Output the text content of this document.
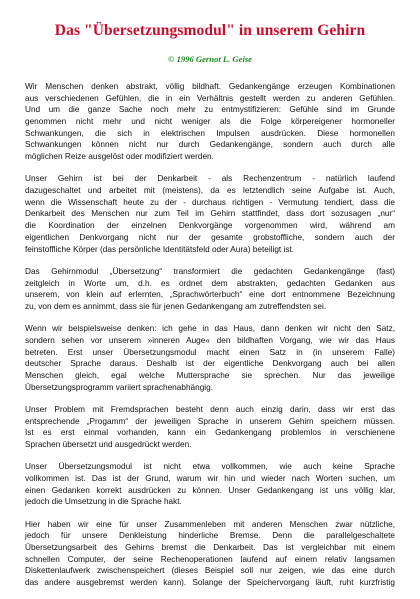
Das "Übersetzungsmodul" in unserem Gehirn
© 1996 Gernot L. Geise
Wir Menschen denken abstrakt, völlig bildhaft. Gedankengänge erzeugen Kombinationen
aus verschiedenen Gefühlen, die in ein Verhältnis gestellt werden zu anderen Gefühlen.
Und um die ganze Sache noch mehr zu entmystifizieren: Gefühle sind im Grunde
genommen nicht mehr und nicht weniger als die Folge körpereigener hormoneller
Schwankungen, die sich in elektrischen Impulsen ausdrücken. Diese hormonellen
Schwankungen können nicht nur durch Gedankengänge, sondern auch durch alle
möglichen Reize ausgelöst oder modifiziert werden.
Unser Gehirn ist bei der Denkarbeit - als Rechenzentrum - natürlich laufend
dazugeschaltet und arbeitet mit (meistens), da es letztendlich seine Aufgabe ist. Auch,
wenn die Wissenschaft heute zu der - durchaus richtigen - Vermutung tendiert, dass die
Denkarbeit des Menschen nur zum Teil im Gehirn stattfindet, dass dort sozusagen „nur“
die Koordination der einzelnen Denkvorgänge vorgenommen wird, während am
eigentlichen Denkvorgang nicht nur der gesamte grobstoffliche, sondern auch der
feinstoffliche Körper (das persönliche Identitätsfeld oder Aura) beteiligt ist.
Das Gehirnmodul „Übersetzung“ transformiert die gedachten Gedankengänge (fast)
zeitgleich in Worte um, d.h. es ordnet dem abstrakten, gedachten Gedanken aus
unserem, von klein auf erlernten, „Sprachwörterbuch“ eine dort entnommene Bezeichnung
zu, von dem es annimmt, dass sie für jenen Gedankengang am zutreffendsten sei.
Wenn wir beispielsweise denken: ich gehe in das Haus, dann denken wir nicht den Satz,
sondern sehen vor unserem »inneren Auge« den bildhaften Vorgang, wie wir das Haus
betreten. Erst unser Übersetzungsmodul macht einen Satz in (in unserem Falle)
deutscher Sprache daraus. Deshalb ist der eigentliche Denkvorgang auch bei allen
Menschen gleich, egal welche Muttersprache sie sprechen. Nur das jeweilige
Übersetzungsprogramm variiert sprachenabhängig.
Unser Problem mit Fremdsprachen besteht denn auch einzig darin, dass wir erst das
entsprechende „Progamm“ der jeweiligen Sprache in unserem Gehirn speichern müssen.
Ist es erst einmal vorhanden, kann ein Gedankengang problemlos in verschienene
Sprachen übersetzt und ausgedrückt werden.
Unser Übersetzungsmodul ist nicht etwa vollkommen, wie auch keine Sprache
vollkommen ist. Das ist der Grund, warum wir hin und wieder nach Worten suchen, um
einen Gedanken korrekt ausdrücken zu können. Unser Gedankengang ist uns völlig klar,
jedoch die Umsetzung in die Sprache hakt.
Hier haben wir eine für unser Zusammenleben mit anderen Menschen zwar nützliche,
jedoch für unsere Denkleistung hinderliche Bremse. Denn die parallelgeschaltete
Übersetzungsarbeit des Gehirns bremst die Denkarbeit. Das ist vergleichbar mit einem
schnellen Computer, der seine Rechenoperationen laufend auf einem relativ langsamen
Diskettenlaufwerk zwischenspeichert (dieses Beispiel soll nur zeigen, wie das eine durch
das andere ausgebremst werden kann). Solange der Speichervorgang läuft, ruht kurzfristig
